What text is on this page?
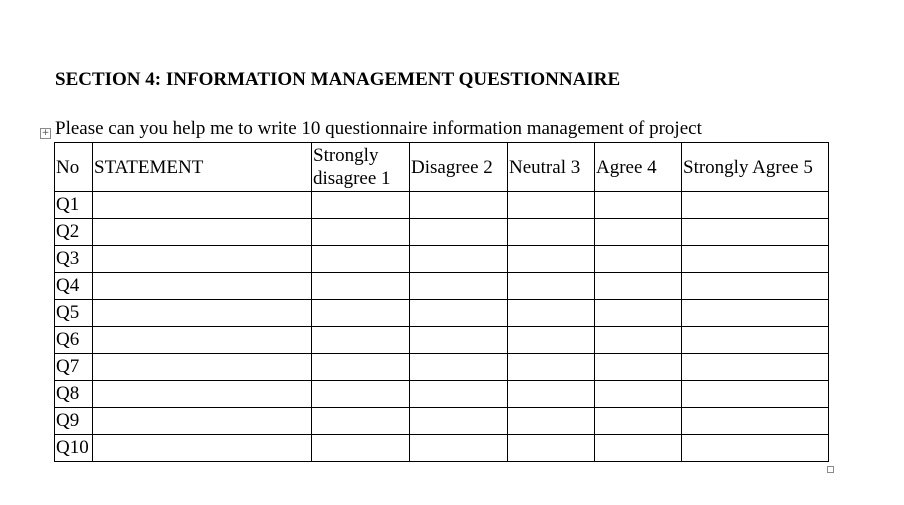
SECTION 4: INFORMATION MANAGEMENT QUESTIONNAIRE
+ Please can you help me to write 10 questionnaire information management of project

No	STATEMENT	Strongly disagree 1	Disagree 2	Neutral 3	Agree 4	Strongly Agree 5
Q1						
Q2						
Q3						
Q4						
Q5						
Q6						
Q7						
Q8						
Q9						
Q10						
